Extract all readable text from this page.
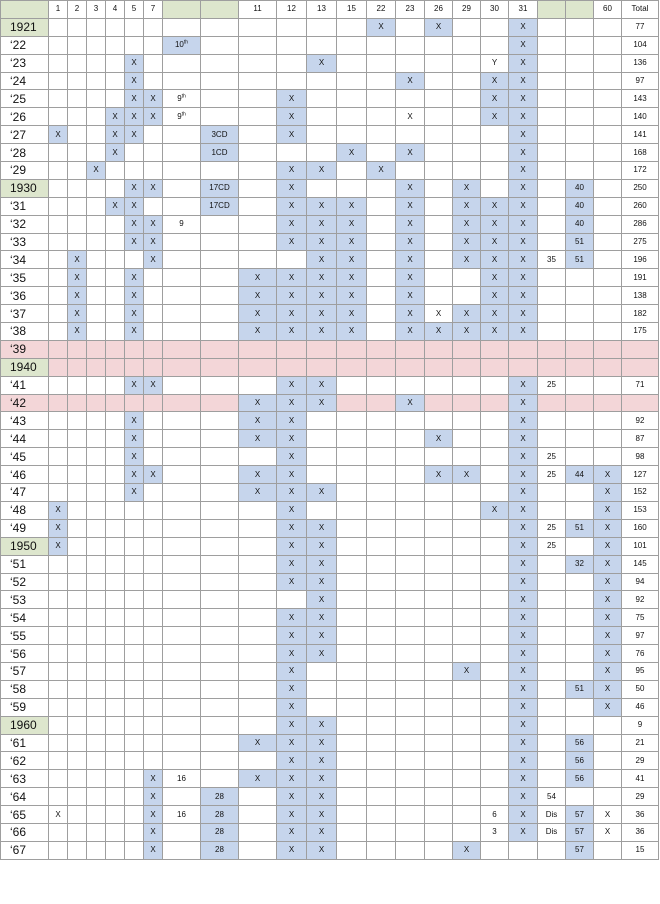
	1	2	3	4	5	7			11	12	13	15	22	23	26	29	30	31			60	Total
1921													X		X			X				77
‘22							10th											X				104
‘23					X						X						Y	X				136
‘24					X									X			X	X				97
‘25					X	X	9th			X							X	X				143
‘26				X	X	X	9th			X				X			X	X				140
‘27	X			X	X			3CD		X								X				141
‘28				X				1CD				X		X				X				168
‘29			X							X	X		X					X				172
1930					X	X		17CD		X				X		X		X		40		250
‘31				X	X			17CD		X	X	X		X		X	X	X		40		260
‘32					X	X	9			X	X	X		X		X	X	X		40		286
‘33					X	X				X	X	X		X		X	X	X		51		275
‘34		X				X					X	X		X		X	X	X	35	51		196
‘35		X			X				X	X	X	X		X			X	X				191
‘36		X			X				X	X	X	X		X			X	X				138
‘37		X			X				X	X	X	X		X	X	X	X	X				182
‘38		X			X				X	X	X	X		X	X	X	X	X				175
‘39																						
1940																						
‘41					X	X				X	X							X	25			71
‘42									X	X	X			X				X				
‘43					X				X	X								X				92
‘44					X				X	X					X			X				87
‘45					X					X								X	25			98
‘46					X	X			X	X					X	X		X	25	44	X	127
‘47					X				X	X	X							X			X	152
‘48	X									X							X	X			X	153
‘49	X									X	X							X	25	51	X	160
1950	X									X	X							X	25		X	101
‘51										X	X							X		32	X	145
‘52										X	X							X			X	94
‘53											X							X			X	92
‘54										X	X							X			X	75
‘55										X	X							X			X	97
‘56										X	X							X			X	76
‘57										X						X		X			X	95
‘58										X								X		51	X	50
‘59										X								X			X	46
1960										X	X							X				9
‘61									X	X	X							X		56		21
‘62										X	X							X		56		29
‘63						X	16		X	X	X							X		56		41
‘64						X		28		X	X							X	54			29
‘65	X					X	16	28		X	X						6	X	Dis	57	X	36
‘66						X		28		X	X						3	X	Dis	57	X	36
‘67						X		28		X	X					X				57		15
